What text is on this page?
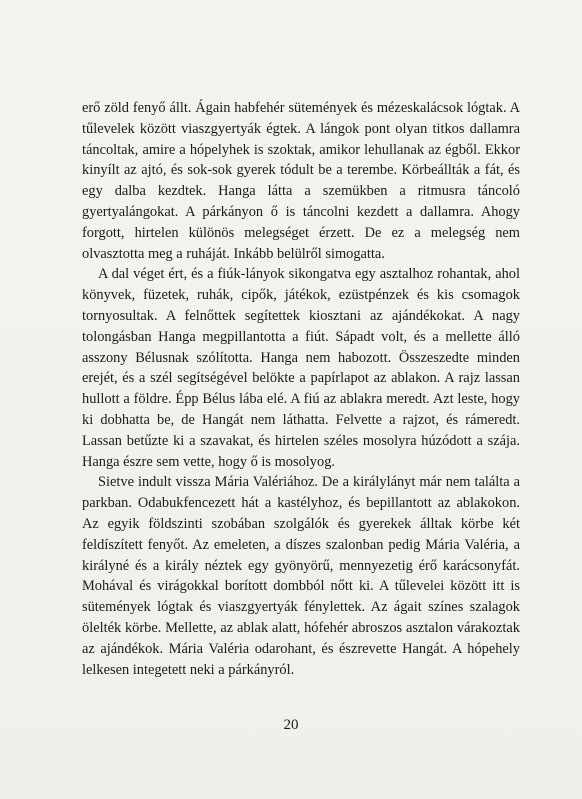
erő zöld fenyő állt. Ágain habfehér sütemények és mézeskalácsok lógtak. A tűlevelek között viaszgyertyák égtek. A lángok pont olyan titkos dallamra táncoltak, amire a hópelyhek is szoktak, amikor lehullanak az égből. Ekkor kinyílt az ajtó, és sok-sok gyerek tódult be a terembe. Körbeállták a fát, és egy dalba kezdtek. Hanga látta a szemükben a ritmusra táncoló gyertyalángokat. A párkányon ő is táncolni kezdett a dallamra. Ahogy forgott, hirtelen különös melegséget érzett. De ez a melegség nem olvasztotta meg a ruháját. Inkább belülről simogatta.

A dal véget ért, és a fiúk-lányok sikongatva egy asztalhoz rohantak, ahol könyvek, füzetek, ruhák, cipők, játékok, ezüstpénzek és kis csomagok tornyosultak. A felnőttek segítettek kiosztani az ajándékokat. A nagy tolongásban Hanga megpillantotta a fiút. Sápadt volt, és a mellette álló asszony Bélusnak szólította. Hanga nem habozott. Összeszedte minden erejét, és a szél segítségével belökte a papírlapot az ablakon. A rajz lassan hullott a földre. Épp Bélus lába elé. A fiú az ablakra meredt. Azt leste, hogy ki dobhatta be, de Hangát nem láthatta. Felvette a rajzot, és rámeredt. Lassan betűzte ki a szavakat, és hirtelen széles mosolyra húzódott a szája. Hanga észre sem vette, hogy ő is mosolyog.

Sietve indult vissza Mária Valériához. De a királylányt már nem találta a parkban. Odabukfencezett hát a kastélyhoz, és bepillantott az ablakokon. Az egyik földszinti szobában szolgálók és gyerekek álltak körbe két feldíszített fenyőt. Az emeleten, a díszes szalonban pedig Mária Valéria, a királyné és a király néztek egy gyönyörű, mennyezetig érő karácsonyfát. Mohával és virágokkal borított dombból nőtt ki. A tűlevelei között itt is sütemények lógtak és viaszgyertyák fénylettek. Az ágait színes szalagok ölelték körbe. Mellette, az ablak alatt, hófehér abroszos asztalon várakoztak az ajándékok. Mária Valéria odarohant, és észrevette Hangát. A hópehely lelkesen integetett neki a párkányról.

20
